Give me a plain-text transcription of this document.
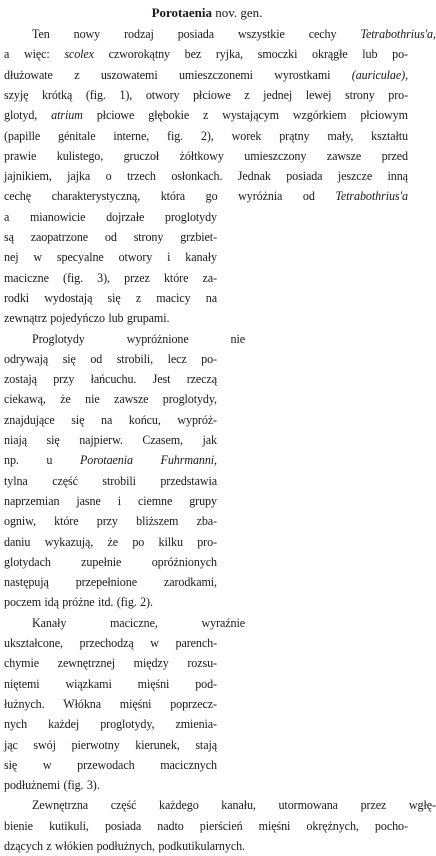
Porotaenia nov. gen.
Ten nowy rodzaj posiada wszystkie cechy Tetrabothrius'a,
a więc: scolex czworokątny bez ryjka, smoczki okrągłe lub po-
dłużowate z uszowatemi umieszczonemi wyrostkami (auriculae),
szyję krótką (fig. 1), otwory płciowe z jednej lewej strony pro-
glotyd, atrium płciowe głębokie z wystającym wzgórkiem płciowym
(papille génitale interne, fig. 2), worek prątny mały, kształtu
prawie kulistego, gruczoł żółtkowy umieszczony zawsze przed
jajnikiem, jajka o trzech osłonkach. Jednak posiada jeszcze inną
cechę charakterystyczną, która go wyróżnia od Tetrabothrius'a
a mianowicie dojrzałe proglotydy
są zaopatrzone od strony grzbiet-
nej w specyalne otwory i kanały
maciczne (fig. 3), przez które za-
rodki wydostają się z macicy na
zewnątrz pojedyńczo lub grupami.
Proglotydy	wypróżnione	nie
odrywają się od strobili, lecz po-
zostają przy łańcuchu. Jest rzeczą
ciekawą, że nie zawsze proglotydy,
znajdujące się na końcu, wypróż-
niają się najpierw. Czasem, jak
np. u Porotaenia Fuhrmanni,
tylna część strobili przedstawia
naprzemian jasne i ciemne grupy
ogniw, które przy bliższem zba-
daniu wykazują, że po kilku pro-
glotydach	zupełnie	opróżnionych
następują przepełnione zarodkami,
poczem idą próżne itd. (fig. 2).
Kanały	maciczne,	wyraźnie
ukształcone, przechodzą w parench-
chymie zewnętrznej między rozsu-
niętemi wiązkami mięśni pod-
łużnych. Włókna mięśni poprzecz-
nych każdej proglotydy, zmienia-
jąc swój pierwotny kierunek, stają
się w przewodach macicznych
podłużnemi (fig. 3).
Zewnętrzna część każdego kanału, utormowana przez wgłę-
bienie kutikuli, posiada nadto pierścień mięśni okrężnych, pocho-
dzących z włókien podłużnych, podkutikularnych.
